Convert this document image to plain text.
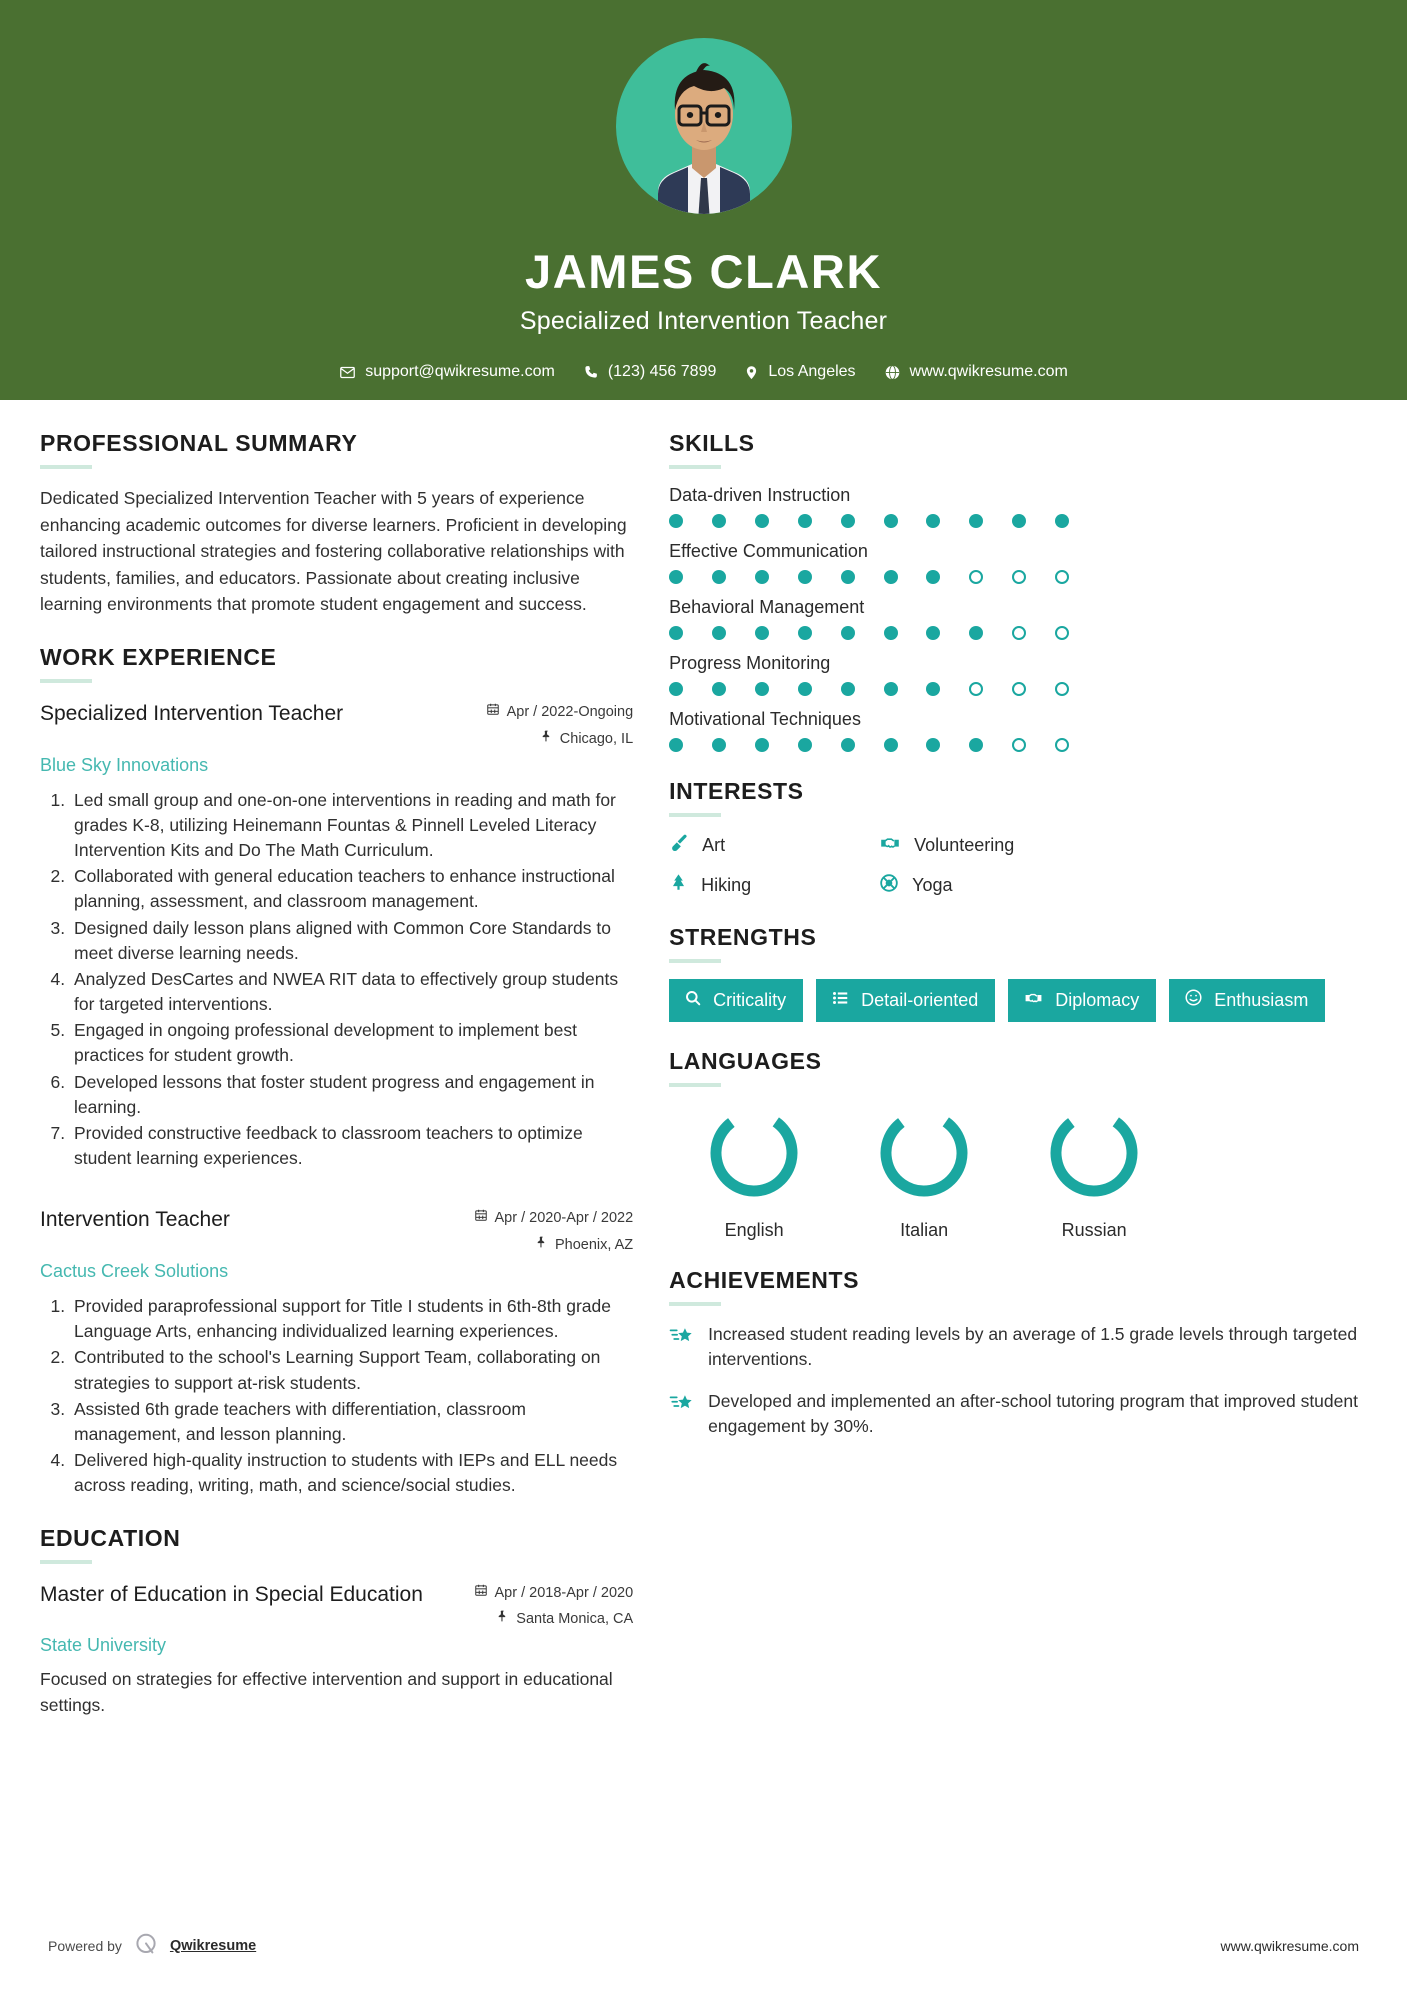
JAMES CLARK
Specialized Intervention Teacher
support@qwikresume.com	(123) 456 7899	Los Angeles	www.qwikresume.com
PROFESSIONAL SUMMARY
Dedicated Specialized Intervention Teacher with 5 years of experience enhancing academic outcomes for diverse learners. Proficient in developing tailored instructional strategies and fostering collaborative relationships with students, families, and educators. Passionate about creating inclusive learning environments that promote student engagement and success.
WORK EXPERIENCE
Specialized Intervention Teacher	Apr / 2022-Ongoing
Chicago, IL
Blue Sky Innovations
1. Led small group and one-on-one interventions in reading and math for grades K-8, utilizing Heinemann Fountas & Pinnell Leveled Literacy Intervention Kits and Do The Math Curriculum.
2. Collaborated with general education teachers to enhance instructional planning, assessment, and classroom management.
3. Designed daily lesson plans aligned with Common Core Standards to meet diverse learning needs.
4. Analyzed DesCartes and NWEA RIT data to effectively group students for targeted interventions.
5. Engaged in ongoing professional development to implement best practices for student growth.
6. Developed lessons that foster student progress and engagement in learning.
7. Provided constructive feedback to classroom teachers to optimize student learning experiences.
Intervention Teacher	Apr / 2020-Apr / 2022
Phoenix, AZ
Cactus Creek Solutions
1. Provided paraprofessional support for Title I students in 6th-8th grade Language Arts, enhancing individualized learning experiences.
2. Contributed to the school's Learning Support Team, collaborating on strategies to support at-risk students.
3. Assisted 6th grade teachers with differentiation, classroom management, and lesson planning.
4. Delivered high-quality instruction to students with IEPs and ELL needs across reading, writing, math, and science/social studies.
EDUCATION
Master of Education in Special Education	Apr / 2018-Apr / 2020
Santa Monica, CA
State University
Focused on strategies for effective intervention and support in educational settings.
SKILLS
Data-driven Instruction
Effective Communication
Behavioral Management
Progress Monitoring
Motivational Techniques
INTERESTS
Art	Volunteering
Hiking	Yoga
STRENGTHS
Criticality	Detail-oriented	Diplomacy	Enthusiasm
LANGUAGES
English	Italian	Russian
ACHIEVEMENTS
Increased student reading levels by an average of 1.5 grade levels through targeted interventions.
Developed and implemented an after-school tutoring program that improved student engagement by 30%.
Powered by	Qwikresume	www.qwikresume.com
